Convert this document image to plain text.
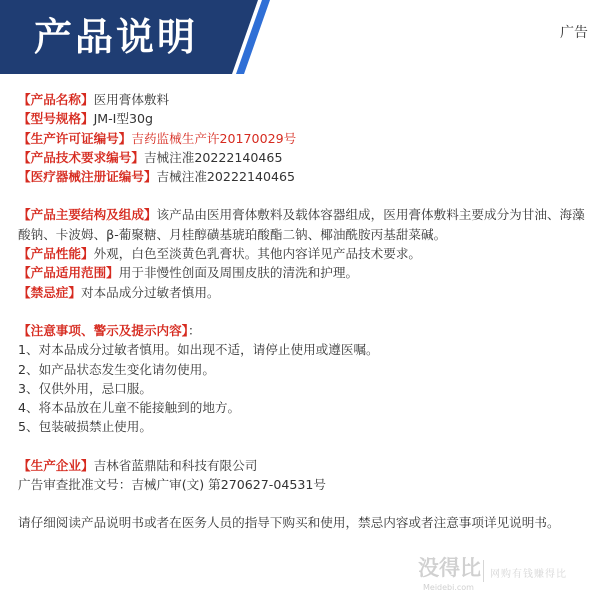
产品说明	广告
【产品名称】医用膏体敷料
【型号规格】JM-I型30g
【生产许可证编号】吉药监械生产许20170029号
【产品技术要求编号】吉械注准20222140465
【医疗器械注册证编号】吉械注准20222140465
【产品主要结构及组成】该产品由医用膏体敷料及载体容器组成，医用膏体敷料主要成分为甘油、海藻酸钠、卡波姆、β-葡聚糖、月桂醇磺基琥珀酸酯二钠、椰油酰胺丙基甜菜碱。
【产品性能】外观，白色至淡黄色乳膏状。其他内容详见产品技术要求。
【产品适用范围】用于非慢性创面及周围皮肤的清洗和护理。
【禁忌症】对本品成分过敏者慎用。
【注意事项、警示及提示内容】：
1、对本品成分过敏者慎用。如出现不适，请停止使用或遵医嘱。
2、如产品状态发生变化请勿使用。
3、仅供外用，忌口服。
4、将本品放在儿童不能接触到的地方。
5、包装破损禁止使用。
【生产企业】吉林省蓝鼎陆和科技有限公司
广告审查批准文号：吉械广审(文) 第270627-04531号
请仔细阅读产品说明书或者在医务人员的指导下购买和使用，禁忌内容或者注意事项详见说明书。
没得比
Meidebi.com
网购有钱赚得比
